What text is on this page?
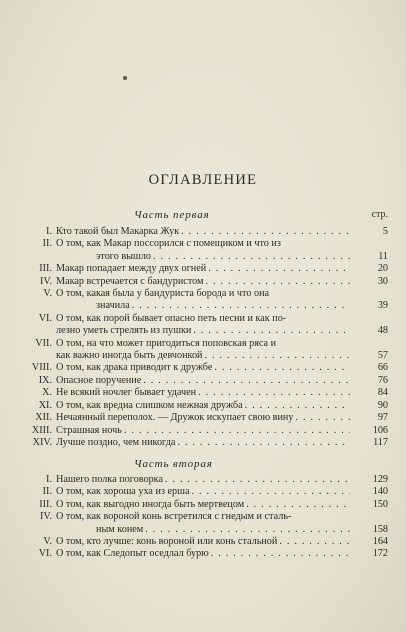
ОГЛАВЛЕНИЕ
Часть первая	стр.
I. Кто такой был Макарка Жук . . .	5
II. О том, как Макар поссорился с помещиком и что из
этого вышло . . .	11
III. Макар попадает между двух огней . . .	20
IV. Макар встречается с бандуристом . . .	30
V. О том, какая была у бандуриста борода и что она
значила . . .	39
VI. О том, как порой бывает опасно петь песни и как по-
лезно уметь стрелять из пушки . . .	48
VII. О том, на что может пригодиться поповская ряса и
как важно иногда быть девчонкой . . .	57
VIII. О том, как драка приводит к дружбе . . .	66
IX. Опасное поручение . . .	76
X. Не всякий ночлег бывает удачен . . .	84
XI. О том, как вредна слишком нежная дружба . . .	90
XII. Нечаянный переполох. — Дружок искупает свою вину . . .	97
XIII. Страшная ночь . . .	106
XIV. Лучше поздно, чем никогда . . .	117
Часть вторая
I. Нашего полка поговорка . . .	129
II. О том, как хороша уха из ерша . . .	140
III. О том, как выгодно иногда быть мертвецом . . .	150
IV. О том, как вороной конь встретился с гнедым и сталь-
ным конем . . .	158
V. О том, кто лучше: конь вороной или конь стальной . . .	164
VI. О том, как Следопыт оседлал бурю . . .	172
